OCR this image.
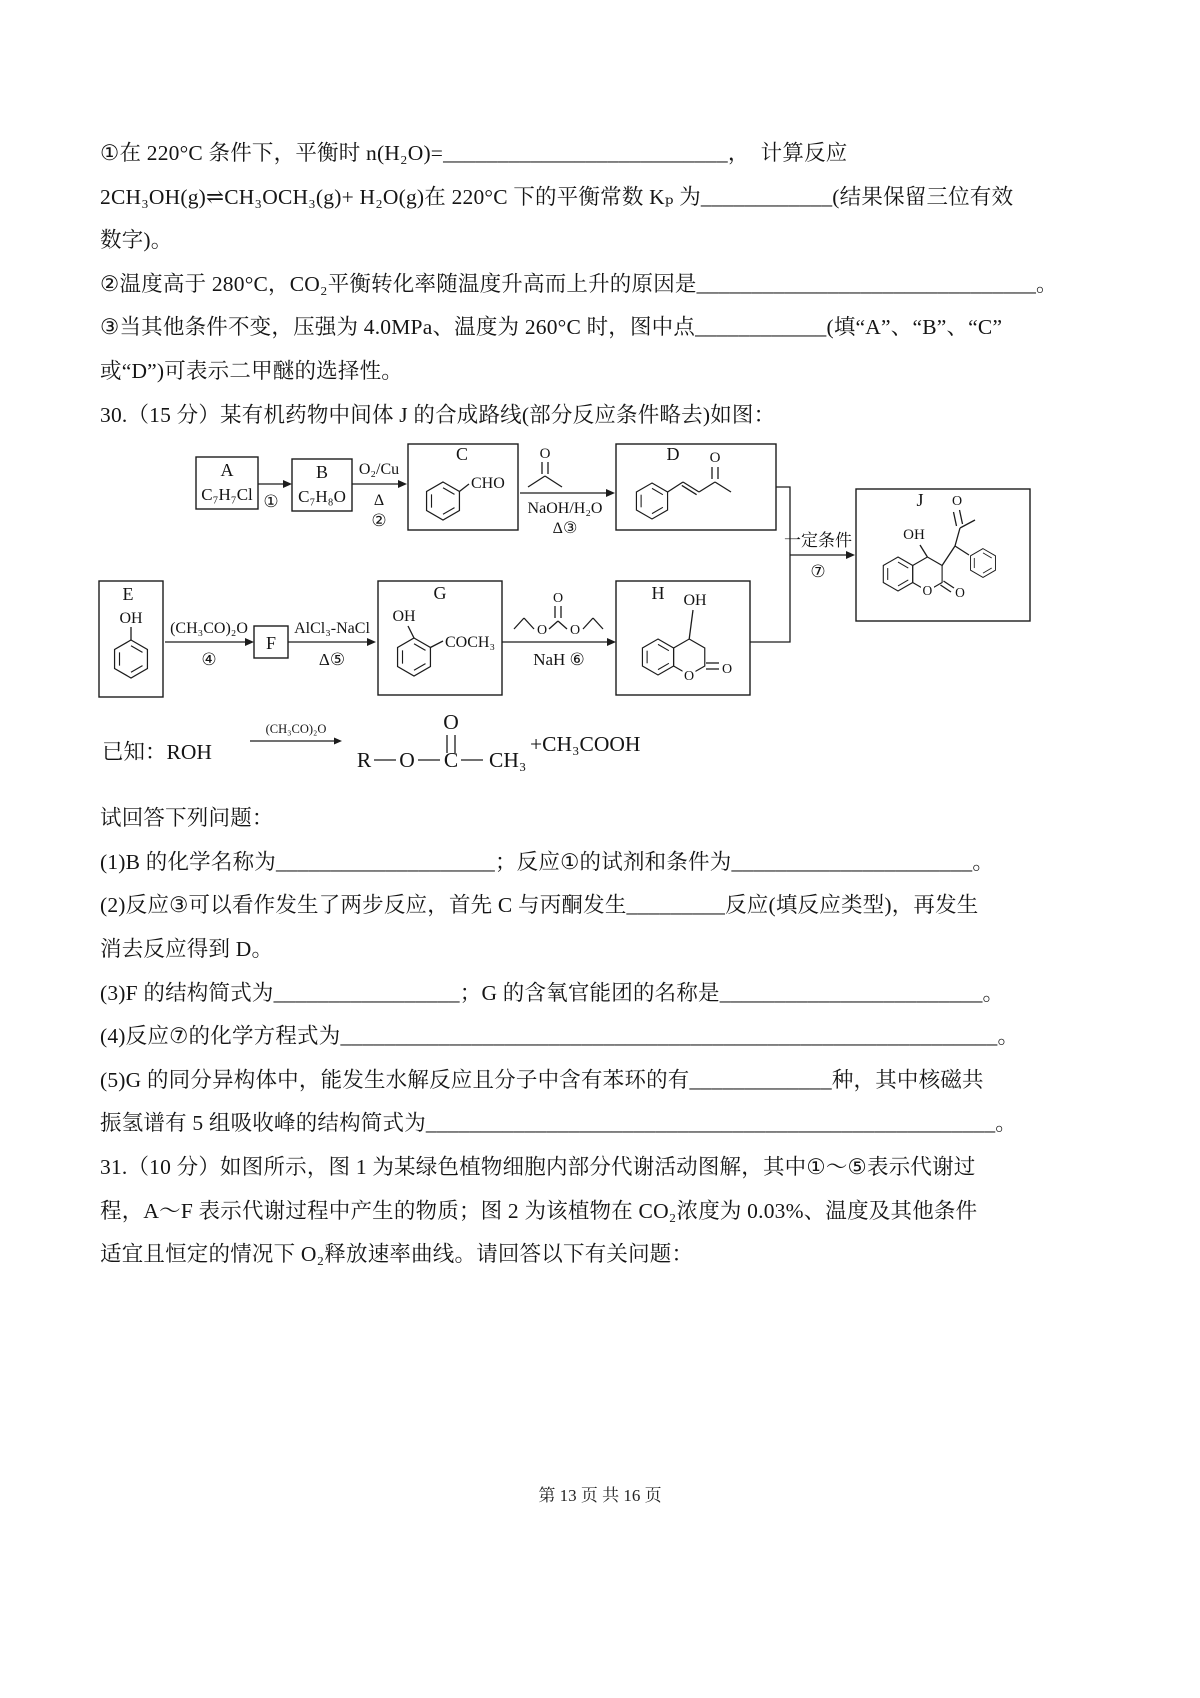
①在 220°C 条件下，平衡时 n(H₂O)=__________________________，  计算反应
2CH₃OH(g)⇌CH₃OCH₃(g)+ H₂O(g)在 220°C 下的平衡常数 Kₚ 为____________(结果保留三位有效
数字)。
②温度高于 280°C，CO₂平衡转化率随温度升高而上升的原因是_______________________________。
③当其他条件不变，压强为 4.0MPa、温度为 260°C 时，图中点____________(填“A”、“B”、“C”
或“D”)可表示二甲醚的选择性。
30.（15 分）某有机药物中间体 J 的合成路线(部分反应条件略去)如图：
A
C₇H₇Cl ①
B
C₇H₈O
O₂/Cu
Δ
②
C
CHO
O
NaOH/H₂O
Δ③
D O
一定条件
⑦
J
OH
O O
O
E
OH
(CH₃CO)₂O
④
F
AlCl₃-NaCl
Δ⑤
G
OH
COCH₃
O
O
O
NaH ⑥
H OH
O O
已知：ROH
(CH₃CO)₂O	O
R O C CH₃
+CH₃COOH
试回答下列问题：
(1)B 的化学名称为____________________；反应①的试剂和条件为______________________。
(2)反应③可以看作发生了两步反应，首先 C 与丙酮发生_________反应(填反应类型)，再发生
消去反应得到 D。
(3)F 的结构简式为_________________；G 的含氧官能团的名称是________________________。
(4)反应⑦的化学方程式为____________________________________________________________。
(5)G 的同分异构体中，能发生水解反应且分子中含有苯环的有_____________种，其中核磁共
振氢谱有 5 组吸收峰的结构简式为____________________________________________________。
31.（10 分）如图所示，图 1 为某绿色植物细胞内部分代谢活动图解，其中①～⑤表示代谢过
程，A～F 表示代谢过程中产生的物质；图 2 为该植物在 CO₂浓度为 0.03%、温度及其他条件
适宜且恒定的情况下 O₂释放速率曲线。请回答以下有关问题：
第 13 页 共 16 页
